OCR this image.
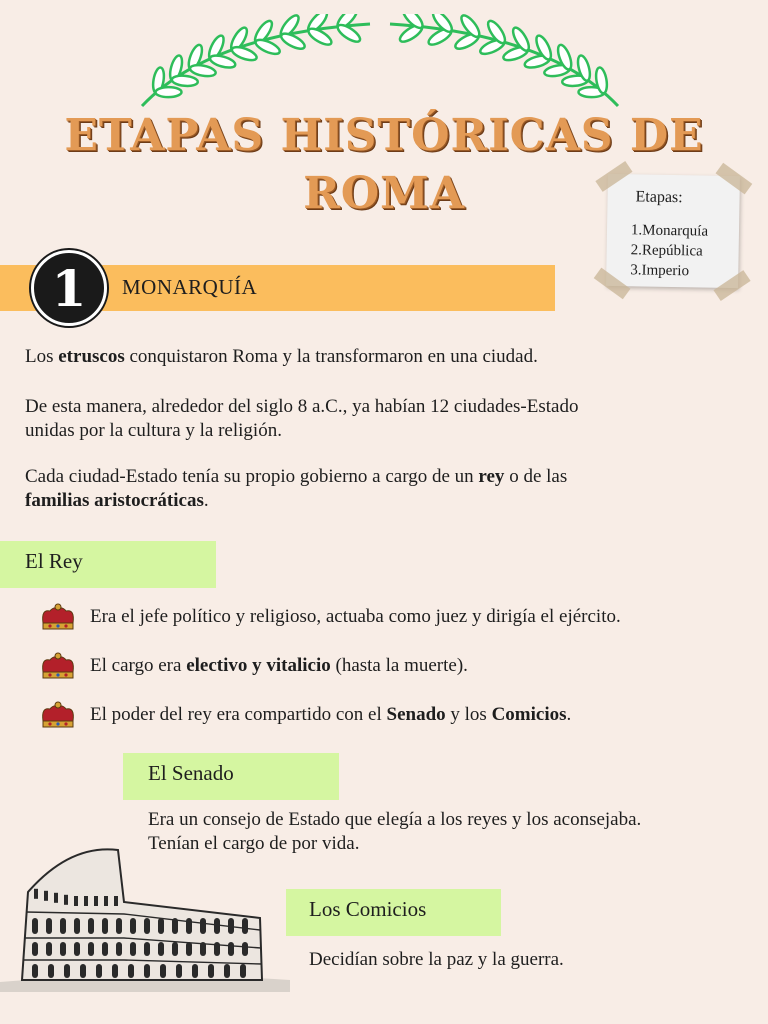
ETAPAS HISTÓRICAS DE
ROMA	Etapas:
1.Monarquía
2.República
3.Imperio
1	MONARQUÍA
Los etruscos conquistaron Roma y la transformaron en una ciudad.
De esta manera, alrededor del siglo 8 a.C., ya habían 12 ciudades-Estado
unidas por la cultura y la religión.
Cada ciudad-Estado tenía su propio gobierno a cargo de un rey o de las
familias aristocráticas.
El Rey
Era el jefe político y religioso, actuaba como juez y dirigía el ejército.
El cargo era electivo y vitalicio (hasta la muerte).
El poder del rey era compartido con el Senado y los Comicios.
El Senado
Era un consejo de Estado que elegía a los reyes y los aconsejaba.
Tenían el cargo de por vida.
Los Comicios
Decidían sobre la paz y la guerra.
